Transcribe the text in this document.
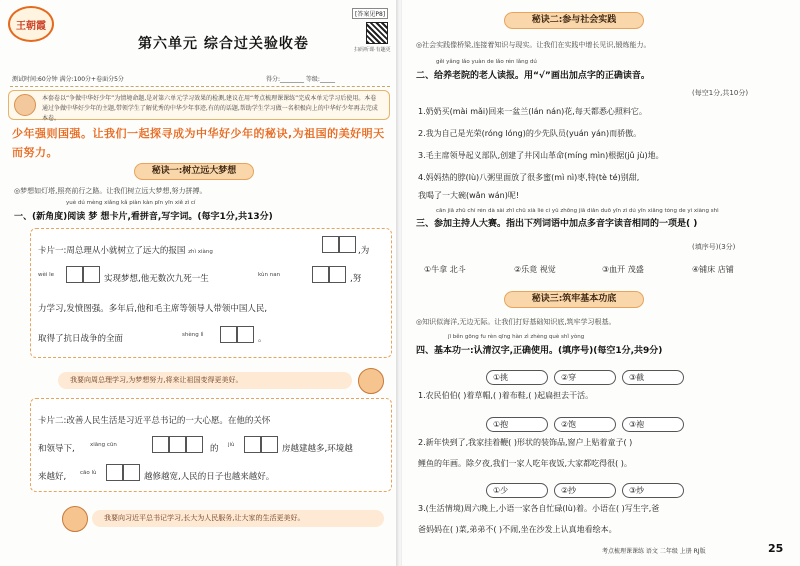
王朝霞
第六单元 综合过关验收卷
[答案见P8]
扫码听课·有趣更
测试时间:60分钟 满分:100分+卷面分5分	得分:________ 等级:_____
本套卷以“争做中华好少年”为情境命题,是对第六单元学习效果的检测,建议在用“考点梳理课课练”完成本单元学习后使用。本卷通过争做中华好少年的主题,带领学生了解优秀的中华少年事迹,有的的话题,帮助学生学习做一名积极向上的中华好少年再去完成本卷。
少年强则国强。让我们一起探寻成为中华好少年的秘诀,为祖国的美好明天而努力。
秘诀一:树立远大梦想
◎梦想如灯塔,照亮前行之路。让我们树立远大梦想,努力拼搏。
yuè dú mèng xiǎng kǎ piàn kàn pīn yīn xiě zì cí
一、(新角度)阅读 梦 想卡片,看拼音,写字词。(每字1分,共13分)
卡片一:周总理从小就树立了远大的报国 zhì xiàng	,为
wèi le	实现梦想,他无数次九死一生	kùn nan	,努
力学习,发愤图强。多年后,他和毛主席等领导人带领中国人民,
取得了抗日战争的全面	shèng lì	。
我要向周总理学习,为梦想努力,将来让祖国变得更美好。
卡片二:改善人民生活是习近平总书记的一大心愿。在他的关怀
和领导下,	xiāng cūn	的 jiù	房越建越多,环境越
来越好,	cāo lù	越修越宽,人民的日子也越来越好。
我要向习近平总书记学习,长大为人民服务,让大家的生活更美好。
秘诀二:参与社会实践
◎社会实践像桥梁,连接着知识与现实。让我们在实践中增长见识,锻炼能力。
gěi yǎng lǎo yuàn de lǎo rén lǎng dú
二、给养老院的老人读报。用“√”画出加点字的正确读音。
(每空1分,共10分)
1.奶奶买(mài mǎi)回来一盆兰(lán nán)花,每天都悉心照料它。
2.我为自己是光荣(róng lóng)的少先队员(yuán yán)而骄傲。
3.毛主席领导起义部队,创建了井冈山革命(míng mìn)根据(jǔ jù)地。
4.妈妈热的脖(lù)八粥里面放了很多蜜(mì nì)枣,特(tè té)别甜,
我喝了一大碗(wǎn wán)呢!
cān jiā zhǔ chí rén dà sài zhǐ chū xià liè cí yǔ zhōng jiā diǎn duō yīn zì dú yīn xiāng tóng de yì xiàng shì
三、参加主持人大赛。指出下列词语中加点多音字读音相同的一项是( )
(填序号)(3分)
①牛拿 北斗	②乐竟 视觉	③血开 茂盛	④铺床 店铺
秘诀三:筑牢基本功底
◎知识似海洋,无边无际。让我们打好基础知识底,筑牢学习根基。
jī běn gōng fu rèn qīng hàn zì zhèng què shǐ yòng
四、基本功一:认清汉字,正确使用。(填序号)(每空1分,共9分)
①挑	②穿	③截
1.农民伯伯( )着草帽,( )着布鞋,( )起扁担去干活。
①抱	②饱	③袍
2.新年快到了,我家挂着鞭( )形状的装饰品,窗户上贴着童子( )
鲤鱼的年画。除夕夜,我们一家人吃年夜饭,大家都吃得很( )。
①少	②抄	③炒
3.(生活情境)周六晚上,小语一家各自忙碌(lù)着。小语在( )写生字,爸
爸妈妈在( )菜,弟弟不( )不闹,坐在沙发上认真地看绘本。
考点梳理课课练 语文 二年级 上册 RJ版	25
